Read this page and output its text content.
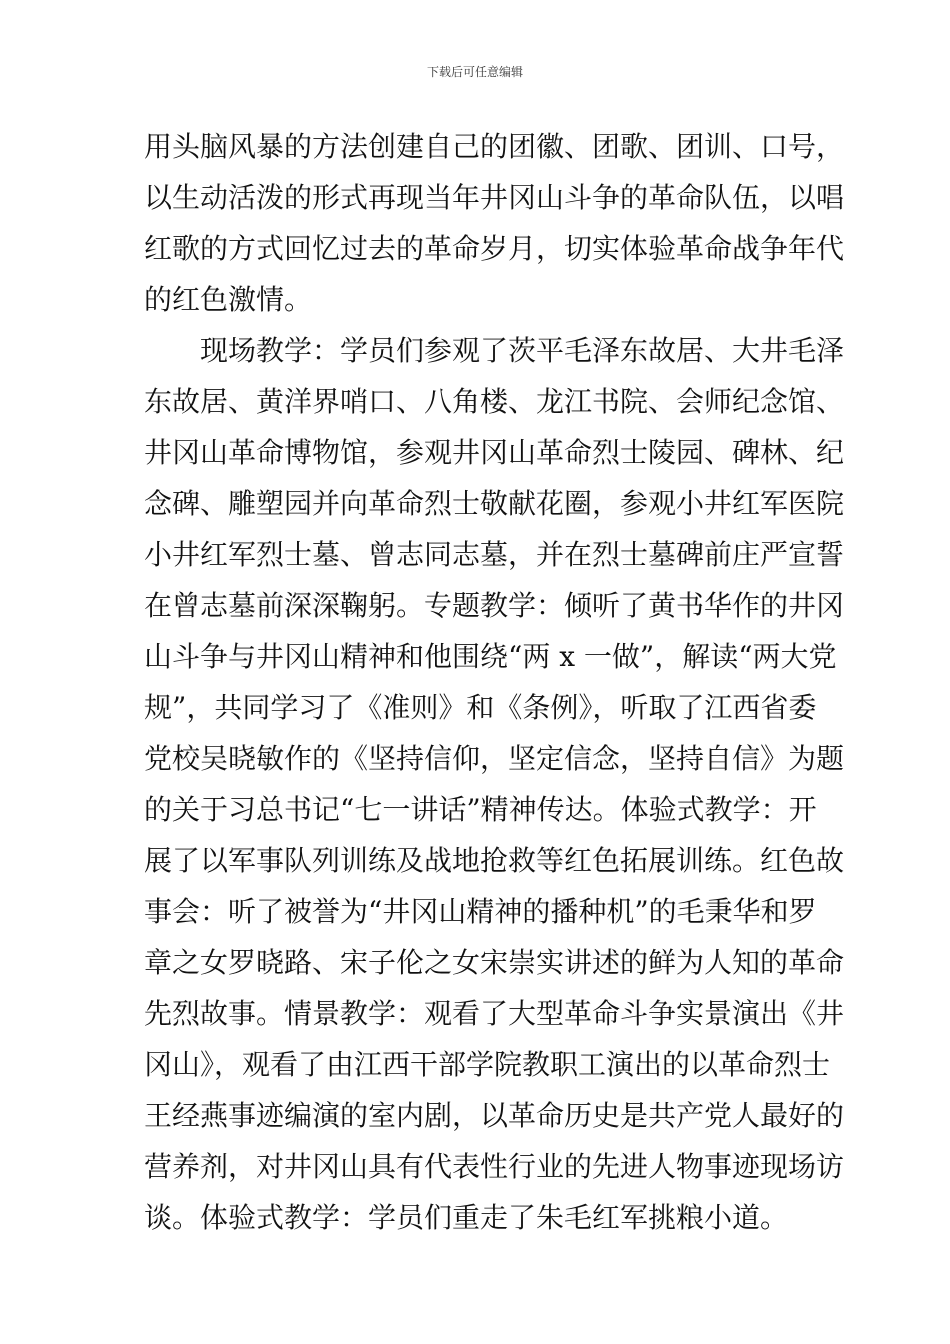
下载后可任意编辑
用头脑风暴的方法创建自己的团徽、团歌、团训、口号，
以生动活泼的形式再现当年井冈山斗争的革命队伍，以唱
红歌的方式回忆过去的革命岁月，切实体验革命战争年代
的红色激情。
现场教学：学员们参观了茨平毛泽东故居、大井毛泽
东故居、黄洋界哨口、八角楼、龙江书院、会师纪念馆、
井冈山革命博物馆，参观井冈山革命烈士陵园、碑林、纪
念碑、雕塑园并向革命烈士敬献花圈，参观小井红军医院
小井红军烈士墓、曾志同志墓，并在烈士墓碑前庄严宣誓
在曾志墓前深深鞠躬。专题教学：倾听了黄书华作的井冈
山斗争与井冈山精神和他围绕“两 x 一做”，解读“两大党
规”，共同学习了《准则》和《条例》，听取了江西省委
党校吴晓敏作的《坚持信仰，坚定信念，坚持自信》为题
的关于习总书记“七一讲话”精神传达。体验式教学：开
展了以军事队列训练及战地抢救等红色拓展训练。红色故
事会：听了被誉为“井冈山精神的播种机”的毛秉华和罗
章之女罗晓路、宋子伦之女宋崇实讲述的鲜为人知的革命
先烈故事。情景教学：观看了大型革命斗争实景演出《井
冈山》，观看了由江西干部学院教职工演出的以革命烈士
王经燕事迹编演的室内剧，以革命历史是共产党人最好的
营养剂，对井冈山具有代表性行业的先进人物事迹现场访
谈。体验式教学：学员们重走了朱毛红军挑粮小道。
